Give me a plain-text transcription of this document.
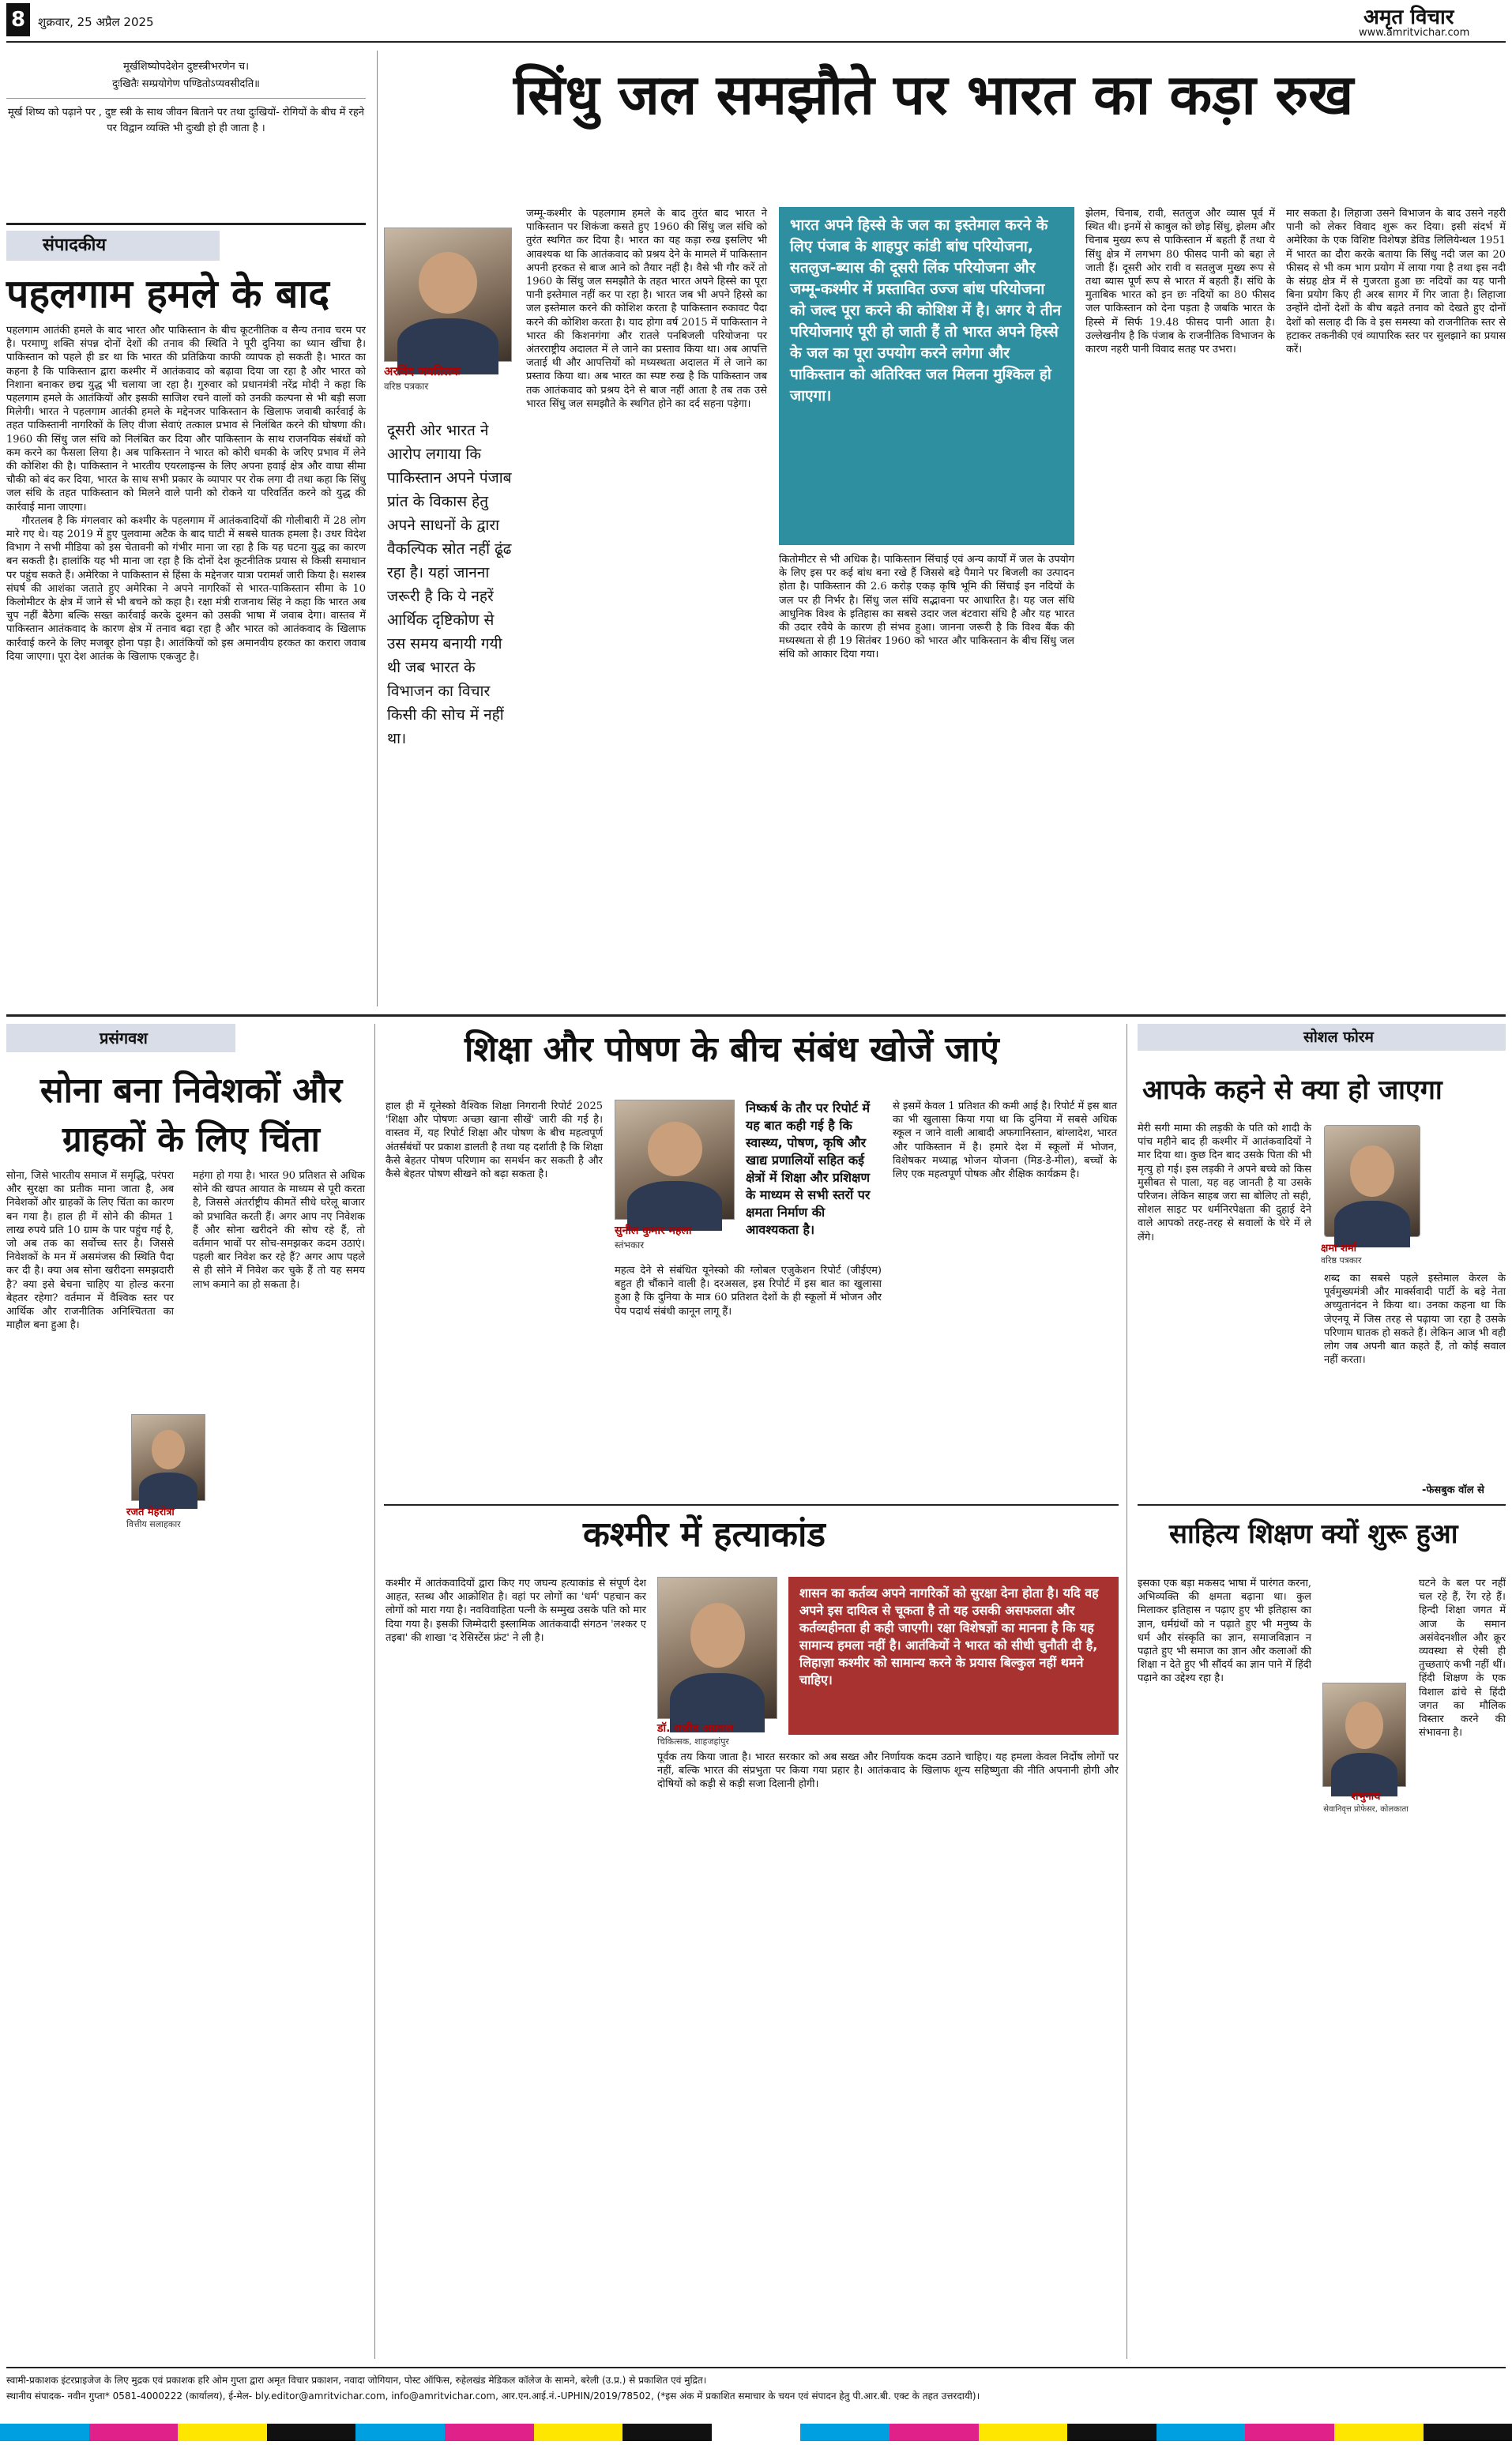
8	शुक्रवार, 25 अप्रैल 2025	अमृत विचार
www.amritvichar.com
मूर्खशिष्योपदेशेन दुष्टस्त्रीभरणेन च।
दुःखितैः सम्प्रयोगेण पण्डितोऽप्यवसीदति॥
मूर्ख शिष्य को पढ़ाने पर , दुष्ट स्त्री के साथ जीवन बिताने पर तथा दुःखियों- रोगियों के बीच में रहने पर विद्वान व्यक्ति भी दुःखी हो ही जाता है ।
संपादकीय
पहलगाम हमले के बाद
पहलगाम आतंकी हमले के बाद भारत और पाकिस्तान के बीच कूटनीतिक व सैन्य तनाव चरम पर है। परमाणु शक्ति संपन्न दोनों देशों की तनाव की स्थिति ने पूरी दुनिया का ध्यान खींचा है। पाकिस्तान को पहले ही डर था कि भारत की प्रतिक्रिया काफी व्यापक हो सकती है। भारत का कहना है कि पाकिस्तान द्वारा कश्मीर में आतंकवाद को बढ़ावा दिया जा रहा है और भारत को निशाना बनाकर छद्म युद्ध भी चलाया जा रहा है। गुरुवार को प्रधानमंत्री नरेंद्र मोदी ने कहा कि पहलगाम हमले के आतंकियों और इसकी साजिश रचने वालों को उनकी कल्पना से भी बड़ी सजा मिलेगी। भारत ने पहलगाम आतंकी हमले के मद्देनजर पाकिस्तान के खिलाफ जवाबी कार्रवाई के तहत पाकिस्तानी नागरिकों के लिए वीजा सेवाएं तत्काल प्रभाव से निलंबित करने की घोषणा की। 1960 की सिंधु जल संधि को निलंबित कर दिया और पाकिस्तान के साथ राजनयिक संबंधों को कम करने का फैसला लिया है। अब पाकिस्तान ने भारत को कोरी धमकी के जरिए प्रभाव में लेने की कोशिश की है। पाकिस्तान ने भारतीय एयरलाइन्स के लिए अपना हवाई क्षेत्र और वाघा सीमा चौकी को बंद कर दिया, भारत के साथ सभी प्रकार के व्यापार पर रोक लगा दी तथा कहा कि सिंधु जल संधि के तहत पाकिस्तान को मिलने वाले पानी को रोकने या परिवर्तित करने को युद्ध की कार्रवाई माना जाएगा।
गौरतलब है कि मंगलवार को कश्मीर के पहलगाम में आतंकवादियों की गोलीबारी में 28 लोग मारे गए थे। यह 2019 में हुए पुलवामा अटैक के बाद घाटी में सबसे घातक हमला है। उधर विदेश विभाग ने सभी मीडिया को इस चेतावनी को गंभीर माना जा रहा है कि यह घटना युद्ध का कारण बन सकती है। हालांकि यह भी माना जा रहा है कि दोनों देश कूटनीतिक प्रयास से किसी समाधान पर पहुंच सकते हैं। अमेरिका ने पाकिस्तान से हिंसा के मद्देनजर यात्रा परामर्श जारी किया है। सशस्त्र संघर्ष की आशंका जताते हुए अमेरिका ने अपने नागरिकों से भारत-पाकिस्तान सीमा के 10 किलोमीटर के क्षेत्र में जाने से भी बचने को कहा है। रक्षा मंत्री राजनाथ सिंह ने कहा कि भारत अब चुप नहीं बैठेगा बल्कि सख्त कार्रवाई करके दुश्मन को उसकी भाषा में जवाब देगा। वास्तव में पाकिस्तान आतंकवाद के कारण क्षेत्र में तनाव बढ़ा रहा है और भारत को आतंकवाद के खिलाफ कार्रवाई करने के लिए मजबूर होना पड़ा है। आतंकियों को इस अमानवीय हरकत का करारा जवाब दिया जाएगा। पूरा देश आतंक के खिलाफ एकजुट है।
सिंधु जल समझौते पर भारत का कड़ा रुख
अरविंद जयतिलक
वरिष्ठ पत्रकार
दूसरी ओर भारत ने आरोप लगाया कि पाकिस्तान अपने पंजाब प्रांत के विकास हेतु अपने साधनों के द्वारा वैकल्पिक स्रोत नहीं ढूंढ रहा है। यहां जानना जरूरी है कि ये नहरें आर्थिक दृष्टिकोण से उस समय बनायी गयी थी जब भारत के विभाजन का विचार किसी की सोच में नहीं था।
जम्मू-कश्मीर के पहलगाम हमले के बाद तुरंत बाद भारत ने पाकिस्तान पर शिकंजा कसते हुए 1960 की सिंधु जल संधि को तुरंत स्थगित कर दिया है। भारत का यह कड़ा रुख इसलिए भी आवश्यक था कि आतंकवाद को प्रश्रय देने के मामले में पाकिस्तान अपनी हरकत से बाज आने को तैयार नहीं है। वैसे भी गौर करें तो 1960 के सिंधु जल समझौते के तहत भारत अपने हिस्से का पूरा पानी इस्तेमाल नहीं कर पा रहा है। भारत जब भी अपने हिस्से का जल इस्तेमाल करने की कोशिश करता है पाकिस्तान रुकावट पैदा करने की कोशिश करता है। याद होगा वर्ष 2015 में पाकिस्तान ने भारत की किशनगंगा और रातले पनबिजली परियोजना पर अंतरराष्ट्रीय अदालत में ले जाने का प्रस्ताव किया था। अब आपत्ति जताई थी और आपत्तियों को मध्यस्थता अदालत में ले जाने का प्रस्ताव किया था। अब भारत का स्पष्ट रुख है कि पाकिस्तान जब तक आतंकवाद को प्रश्रय देने से बाज नहीं आता है तब तक उसे भारत सिंधु जल समझौते के स्थगित होने का दर्द सहना पड़ेगा।
भारत अपने हिस्से के जल का इस्तेमाल करने के लिए पंजाब के शाहपुर कांडी बांध परियोजना, सतलुज-ब्यास की दूसरी लिंक परियोजना और जम्मू-कश्मीर में प्रस्तावित उज्ज बांध परियोजना को जल्द पूरा करने की कोशिश में है। अगर ये तीन परियोजनाएं पूरी हो जाती हैं तो भारत अपने हिस्से के जल का पूरा उपयोग करने लगेगा और पाकिस्तान को अतिरिक्त जल मिलना मुश्किल हो जाएगा।
कितोमीटर से भी अधिक है। पाकिस्तान सिंचाई एवं अन्य कार्यों में जल के उपयोग के लिए इस पर कई बांध बना रखे हैं जिससे बड़े पैमाने पर बिजली का उत्पादन होता है। पाकिस्तान की 2.6 करोड़ एकड़ कृषि भूमि की सिंचाई इन नदियों के जल पर ही निर्भर है। सिंधु जल संधि सद्भावना पर आधारित है। यह जल संधि आधुनिक विश्व के इतिहास का सबसे उदार जल बंटवारा संधि है और यह भारत की उदार रवैये के कारण ही संभव हुआ। जानना जरूरी है कि विश्व बैंक की मध्यस्थता से ही 19 सितंबर 1960 को भारत और पाकिस्तान के बीच सिंधु जल संधि को आकार दिया गया।
झेलम, चिनाब, रावी, सतलुज और व्यास पूर्व में स्थित थी। इनमें से काबुल को छोड़ सिंधु, झेलम और चिनाब मुख्य रूप से पाकिस्तान में बहती हैं तथा ये सिंधु क्षेत्र में लगभग 80 फीसद पानी को बहा ले जाती हैं। दूसरी ओर रावी व सतलुज मुख्य रूप से तथा ब्यास पूर्ण रूप से भारत में बहती हैं। संधि के मुताबिक भारत को इन छः नदियों का 80 फीसद जल पाकिस्तान को देना पड़ता है जबकि भारत के हिस्से में सिर्फ 19.48 फीसद पानी आता है। उल्लेखनीय है कि पंजाब के राजनीतिक विभाजन के कारण नहरी पानी विवाद सतह पर उभरा।
मार सकता है। लिहाजा उसने विभाजन के बाद उसने नहरी पानी को लेकर विवाद शुरू कर दिया। इसी संदर्भ में अमेरिका के एक विशिष्ट विशेषज्ञ डेविड लिलियेन्थल 1951 में भारत का दौरा करके बताया कि सिंधु नदी जल का 20 फीसद से भी कम भाग प्रयोग में लाया गया है तथा इस नदी के संग्रह क्षेत्र में से गुजरता हुआ छः नदियों का यह पानी बिना प्रयोग किए ही अरब सागर में गिर जाता है। लिहाजा उन्होंने दोनों देशों के बीच बढ़ते तनाव को देखते हुए दोनों देशों को सलाह दी कि वे इस समस्या को राजनीतिक स्तर से हटाकर तकनीकी एवं व्यापारिक स्तर पर सुलझाने का प्रयास करें।
प्रसंगवश
सोना बना निवेशकों और
ग्राहकों के लिए चिंता
सोना, जिसे भारतीय समाज में समृद्धि, परंपरा और सुरक्षा का प्रतीक माना जाता है, अब निवेशकों और ग्राहकों के लिए चिंता का कारण बन गया है। हाल ही में सोने की कीमत 1 लाख रुपये प्रति 10 ग्राम के पार पहुंच गई है, जो अब तक का सर्वोच्च स्तर है। जिससे निवेशकों के मन में असमंजस की स्थिति पैदा कर दी है। क्या अब सोना खरीदना समझदारी है? क्या इसे बेचना चाहिए या होल्ड करना बेहतर रहेगा? वर्तमान में वैश्विक स्तर पर आर्थिक और राजनीतिक अनिश्चितता का माहौल बना हुआ है।
रजत मेहरोत्रा
वित्तीय सलाहकार
महंगा हो गया है। भारत 90 प्रतिशत से अधिक सोने की खपत आयात के माध्यम से पूरी करता है, जिससे अंतर्राष्ट्रीय कीमतें सीधे घरेलू बाजार को प्रभावित करती हैं। अगर आप नए निवेशक हैं और सोना खरीदने की सोच रहे हैं, तो वर्तमान भावों पर सोच-समझकर कदम उठाएं। पहली बार निवेश कर रहे हैं? अगर आप पहले से ही सोने में निवेश कर चुके हैं तो यह समय लाभ कमाने का हो सकता है।
शिक्षा और पोषण के बीच संबंध खोजें जाएं
हाल ही में यूनेस्को वैश्विक शिक्षा निगरानी रिपोर्ट 2025 'शिक्षा और पोषणः अच्छा खाना सीखें' जारी की गई है। वास्तव में, यह रिपोर्ट शिक्षा और पोषण के बीच महत्वपूर्ण अंतर्संबंधों पर प्रकाश डालती है तथा यह दर्शाती है कि शिक्षा कैसे बेहतर पोषण परिणाम का समर्थन कर सकती है और कैसे बेहतर पोषण सीखने को बढ़ा सकता है।
सुनील कुमार महला
स्तंभकार
निष्कर्ष के तौर पर रिपोर्ट में यह बात कही गई है कि स्वास्थ्य, पोषण, कृषि और खाद्य प्रणालियों सहित कई क्षेत्रों में शिक्षा और प्रशिक्षण के माध्यम से सभी स्तरों पर क्षमता निर्माण की आवश्यकता है।
महत्व देने से संबंधित यूनेस्को की ग्लोबल एजुकेशन रिपोर्ट (जीईएम) बहुत ही चौंकाने वाली है। दरअसल, इस रिपोर्ट में इस बात का खुलासा हुआ है कि दुनिया के मात्र 60 प्रतिशत देशों के ही स्कूलों में भोजन और पेय पदार्थ संबंधी कानून लागू हैं।
से इसमें केवल 1 प्रतिशत की कमी आई है। रिपोर्ट में इस बात का भी खुलासा किया गया था कि दुनिया में सबसे अधिक स्कूल न जाने वाली आबादी अफगानिस्तान, बांग्लादेश, भारत और पाकिस्तान में है। हमारे देश में स्कूलों में भोजन, विशेषकर मध्याह्न भोजन योजना (मिड-डे-मील), बच्चों के लिए एक महत्वपूर्ण पोषक और शैक्षिक कार्यक्रम है।
सोशल फोरम
आपके कहने से क्या हो जाएगा
मेरी सगी मामा की लड़की के पति को शादी के पांच महीने बाद ही कश्मीर में आतंकवादियों ने मार दिया था। कुछ दिन बाद उसके पिता की भी मृत्यु हो गई। इस लड़की ने अपने बच्चे को किस मुसीबत से पाला, यह वह जानती है या उसके परिजन। लेकिन साहब जरा सा बोलिए तो सही, सोशल साइट पर धर्मनिरपेक्षता की दुहाई देने वाले आपको तरह-तरह से सवालों के घेरे में ले लेंगे।
क्षमा शर्मा
वरिष्ठ पत्रकार
शब्द का सबसे पहले इस्तेमाल केरल के पूर्वमुख्यमंत्री और मार्क्सवादी पार्टी के बड़े नेता अच्युतानंदन ने किया था। उनका कहना था कि जेएनयू में जिस तरह से पढ़ाया जा रहा है उसके परिणाम घातक हो सकते हैं। लेकिन आज भी वही लोग जब अपनी बात कहते हैं, तो कोई सवाल नहीं करता।
-फेसबुक वॉल से
कश्मीर में हत्याकांड
कश्मीर में आतंकवादियों द्वारा किए गए जघन्य हत्याकांड से संपूर्ण देश आहत, स्तब्ध और आक्रोशित है। वहां पर लोगों का 'धर्म' पहचान कर लोगों को मारा गया है। नवविवाहिता पत्नी के सम्मुख उसके पति को मार दिया गया है। इसकी जिम्मेदारी इस्लामिक आतंकवादी संगठन 'लश्कर ए तइबा' की शाखा 'द रेसिस्टेंस फ्रंट' ने ली है।
डॉ. राजीव अग्रवाल
चिकित्सक, शाहजहांपुर
शासन का कर्तव्य अपने नागरिकों को सुरक्षा देना होता है। यदि वह अपने इस दायित्व से चूकता है तो यह उसकी असफलता और कर्तव्यहीनता ही कही जाएगी। रक्षा विशेषज्ञों का मानना है कि यह सामान्य हमला नहीं है। आतंकियों ने भारत को सीधी चुनौती दी है, लिहाज़ा कश्मीर को सामान्य करने के प्रयास बिल्कुल नहीं थमने चाहिए।
पूर्वक तय किया जाता है। भारत सरकार को अब सख्त और निर्णायक कदम उठाने चाहिए। यह हमला केवल निर्दोष लोगों पर नहीं, बल्कि भारत की संप्रभुता पर किया गया प्रहार है। आतंकवाद के खिलाफ शून्य सहिष्णुता की नीति अपनानी होगी और दोषियों को कड़ी से कड़ी सजा दिलानी होगी।
साहित्य शिक्षण क्यों शुरू हुआ
इसका एक बड़ा मकसद भाषा में पारंगत करना, अभिव्यक्ति की क्षमता बढ़ाना था। कुल मिलाकर इतिहास न पढ़ाए हुए भी इतिहास का ज्ञान, धर्मग्रंथों को न पढ़ाते हुए भी मनुष्य के धर्म और संस्कृति का ज्ञान, समाजविज्ञान न पढ़ाते हुए भी समाज का ज्ञान और कलाओं की शिक्षा न देते हुए भी सौंदर्य का ज्ञान पाने में हिंदी पढ़ाने का उद्देश्य रहा है।
शंभुनाथ
सेवानिवृत्त प्रोफेसर, कोलकाता
घटने के बल पर नहीं चल रहे हैं, रेंग रहे हैं। हिन्दी शिक्षा जगत में आज के समान असंवेदनशील और क्रूर व्यवस्था से ऐसी ही तुच्छताएं कभी नहीं थीं। हिंदी शिक्षण के एक विशाल ढांचे से हिंदी जगत का मौलिक विस्तार करने की संभावना है।
स्वामी-प्रकाशक इंटरप्राइजेज के लिए मुद्रक एवं प्रकाशक हरि ओम गुप्ता द्वारा अमृत विचार प्रकाशन, नवादा जोगियान, पोस्ट ऑफिस, रुहेलखंड मेडिकल कॉलेज के सामने, बरेली (उ.प्र.) से प्रकाशित एवं मुद्रित।
स्थानीय संपादक- नवीन गुप्ता* 0581-4000222 (कार्यालय), ई-मेल- bly.editor@amritvichar.com, info@amritvichar.com, आर.एन.आई.नं.-UPHIN/2019/78502, (*इस अंक में प्रकाशित समाचार के चयन एवं संपादन हेतु पी.आर.बी. एक्ट के तहत उत्तरदायी)।
